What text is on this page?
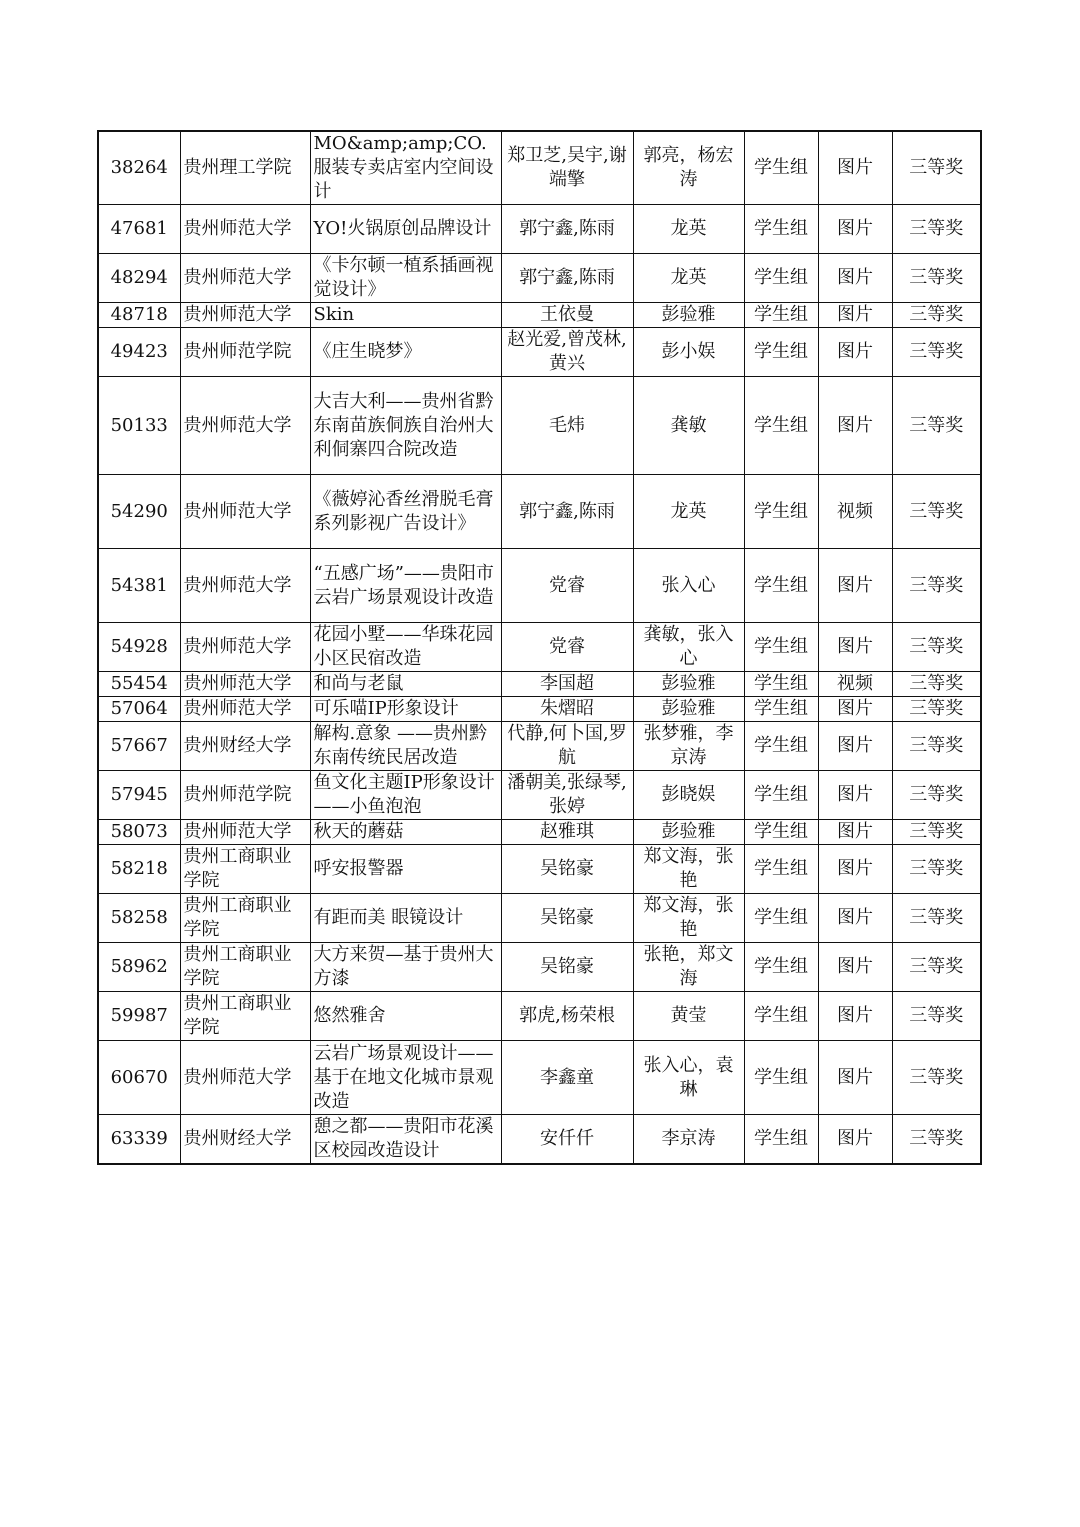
38264	贵州理工学院	MO&amp;amp;CO.服装专卖店室内空间设计	郑卫芝,吴宇,谢端擎	郭亮，杨宏涛	学生组	图片	三等奖
47681	贵州师范大学	YO!火锅原创品牌设计	郭宁鑫,陈雨	龙英	学生组	图片	三等奖
48294	贵州师范大学	《卡尔顿一植系插画视觉设计》	郭宁鑫,陈雨	龙英	学生组	图片	三等奖
48718	贵州师范大学	Skin	王依曼	彭验雅	学生组	图片	三等奖
49423	贵州师范学院	《庄生晓梦》	赵光爱,曾茂林,黄兴	彭小娱	学生组	图片	三等奖
50133	贵州师范大学	大吉大利——贵州省黔东南苗族侗族自治州大利侗寨四合院改造	毛炜	龚敏	学生组	图片	三等奖
54290	贵州师范大学	《薇婷沁香丝滑脱毛膏系列影视广告设计》	郭宁鑫,陈雨	龙英	学生组	视频	三等奖
54381	贵州师范大学	“五感广场”——贵阳市云岩广场景观设计改造	党睿	张入心	学生组	图片	三等奖
54928	贵州师范大学	花园小墅——华珠花园小区民宿改造	党睿	龚敏，张入心	学生组	图片	三等奖
55454	贵州师范大学	和尚与老鼠	李国超	彭验雅	学生组	视频	三等奖
57064	贵州师范大学	可乐喵IP形象设计	朱熠昭	彭验雅	学生组	图片	三等奖
57667	贵州财经大学	解构.意象 ——贵州黔东南传统民居改造	代静,何卜国,罗航	张梦雅，李京涛	学生组	图片	三等奖
57945	贵州师范学院	鱼文化主题IP形象设计——小鱼泡泡	潘朝美,张绿琴,张婷	彭晓娱	学生组	图片	三等奖
58073	贵州师范大学	秋天的蘑菇	赵雅琪	彭验雅	学生组	图片	三等奖
58218	贵州工商职业学院	呼安报警器	吴铭豪	郑文海，张艳	学生组	图片	三等奖
58258	贵州工商职业学院	有距而美 眼镜设计	吴铭豪	郑文海，张艳	学生组	图片	三等奖
58962	贵州工商职业学院	大方来贺—基于贵州大方漆	吴铭豪	张艳，郑文海	学生组	图片	三等奖
59987	贵州工商职业学院	悠然雅舍	郭虎,杨荣根	黄莹	学生组	图片	三等奖
60670	贵州师范大学	云岩广场景观设计——基于在地文化城市景观改造	李鑫童	张入心，袁琳	学生组	图片	三等奖
63339	贵州财经大学	憩之都——贵阳市花溪区校园改造设计	安仟仟	李京涛	学生组	图片	三等奖
